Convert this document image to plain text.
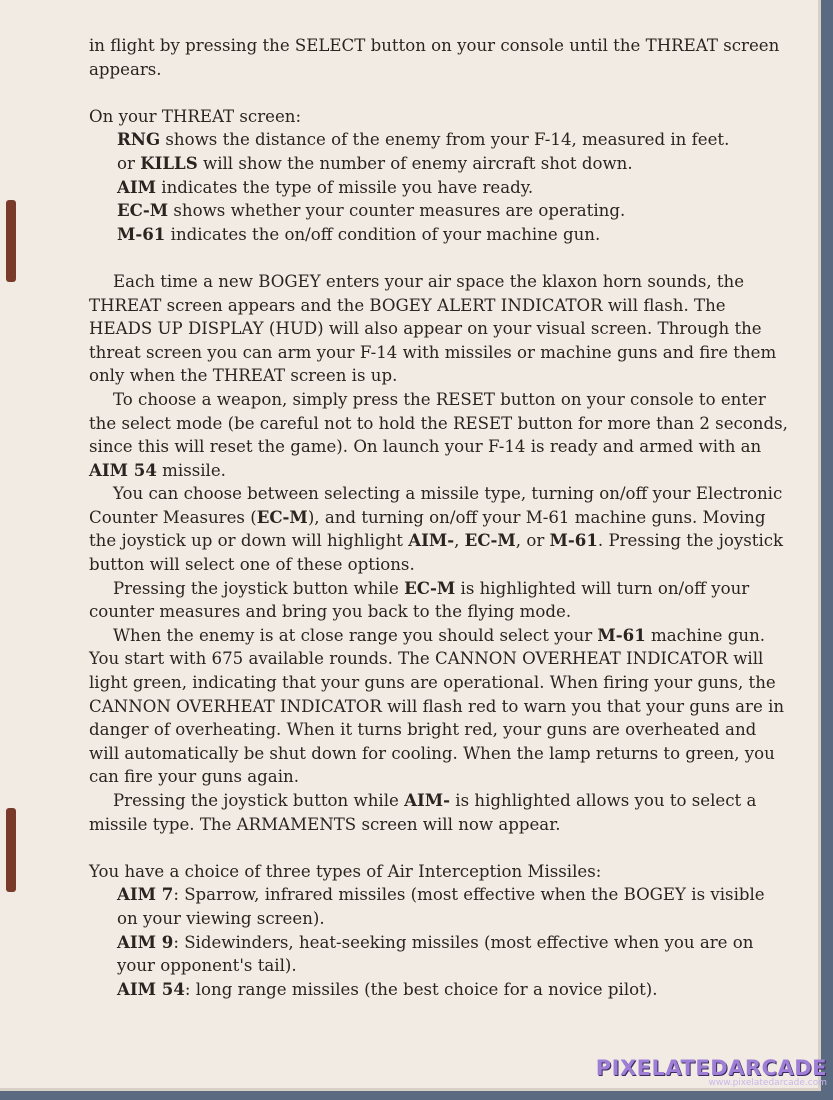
in flight by pressing the SELECT button on your console until the THREAT screen appears.

On your THREAT screen:

RNG shows the distance of the enemy from your F-14, measured in feet.

or KILLS will show the number of enemy aircraft shot down.

AIM indicates the type of missile you have ready.

EC-M shows whether your counter measures are operating.

M-61 indicates the on/off condition of your machine gun.

Each time a new BOGEY enters your air space the klaxon horn sounds, the THREAT screen appears and the BOGEY ALERT INDICATOR will flash. The HEADS UP DISPLAY (HUD) will also appear on your visual screen. Through the threat screen you can arm your F-14 with missiles or machine guns and fire them only when the THREAT screen is up.

To choose a weapon, simply press the RESET button on your console to enter the select mode (be careful not to hold the RESET button for more than 2 seconds, since this will reset the game). On launch your F-14 is ready and armed with an AIM 54 missile.

You can choose between selecting a missile type, turning on/off your Electronic Counter Measures (EC-M), and turning on/off your M-61 machine guns. Moving the joystick up or down will highlight AIM-, EC-M, or M-61. Pressing the joystick button will select one of these options.

Pressing the joystick button while EC-M is highlighted will turn on/off your counter measures and bring you back to the flying mode.

When the enemy is at close range you should select your M-61 machine gun. You start with 675 available rounds. The CANNON OVERHEAT INDICATOR will light green, indicating that your guns are operational. When firing your guns, the CANNON OVERHEAT INDICATOR will flash red to warn you that your guns are in danger of overheating. When it turns bright red, your guns are overheated and will automatically be shut down for cooling. When the lamp returns to green, you can fire your guns again.

Pressing the joystick button while AIM- is highlighted allows you to select a missile type. The ARMAMENTS screen will now appear.

You have a choice of three types of Air Interception Missiles:

AIM 7: Sparrow, infrared missiles (most effective when the BOGEY is visible on your viewing screen).

AIM 9: Sidewinders, heat-seeking missiles (most effective when you are on your opponent's tail).

AIM 54: long range missiles (the best choice for a novice pilot).

PIXELATEDARCADE
www.pixelatedarcade.com
